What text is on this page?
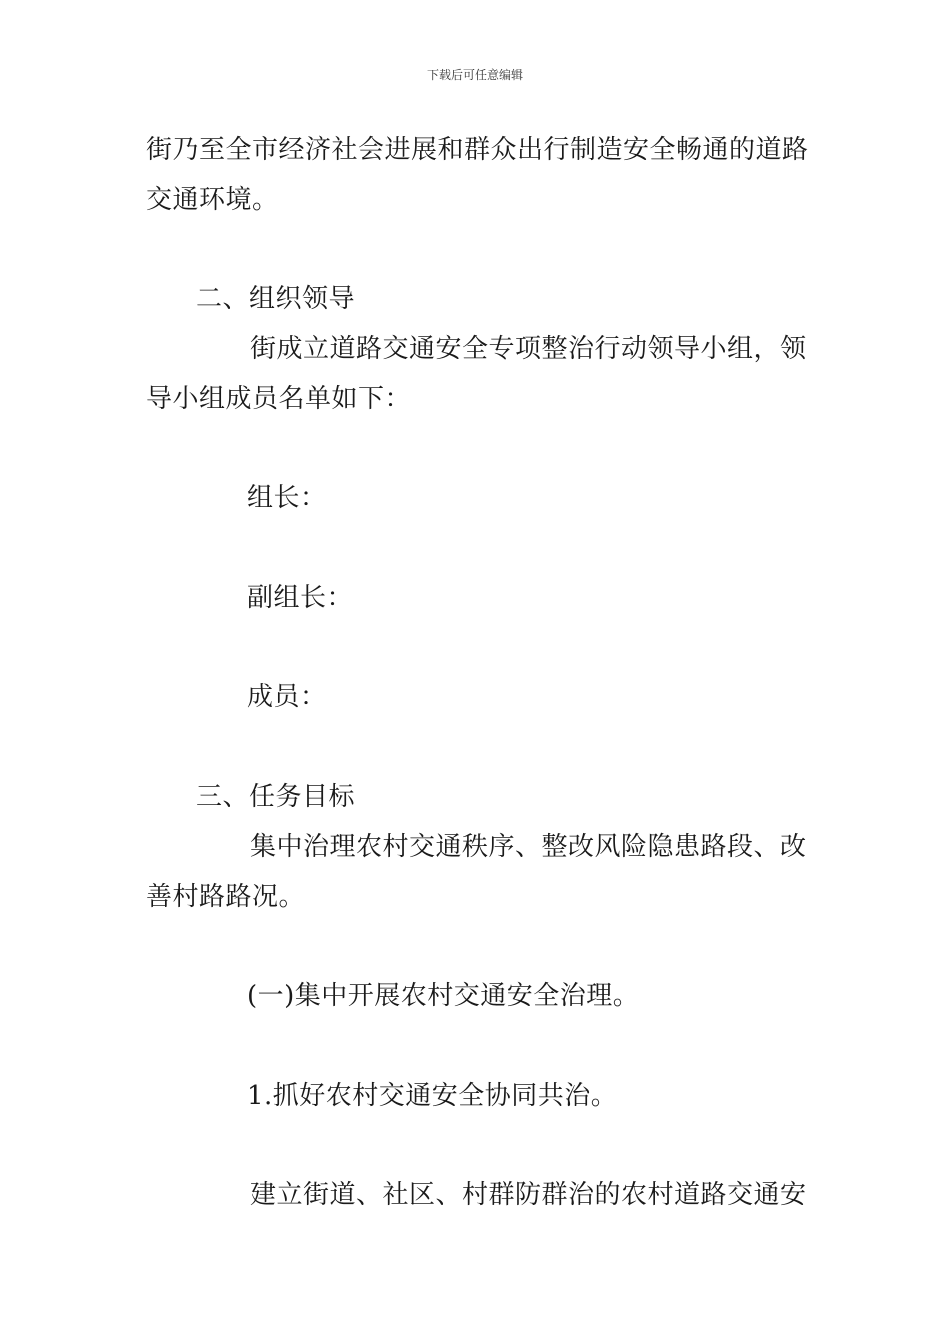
下载后可任意编辑
街乃至全市经济社会进展和群众出行制造安全畅通的道路
交通环境。
二、组织领导
街成立道路交通安全专项整治行动领导小组，领
导小组成员名单如下：
组长：
副组长：
成员：
三、任务目标
集中治理农村交通秩序、整改风险隐患路段、改
善村路路况。
(一)集中开展农村交通安全治理。
1.抓好农村交通安全协同共治。
建立街道、社区、村群防群治的农村道路交通安
